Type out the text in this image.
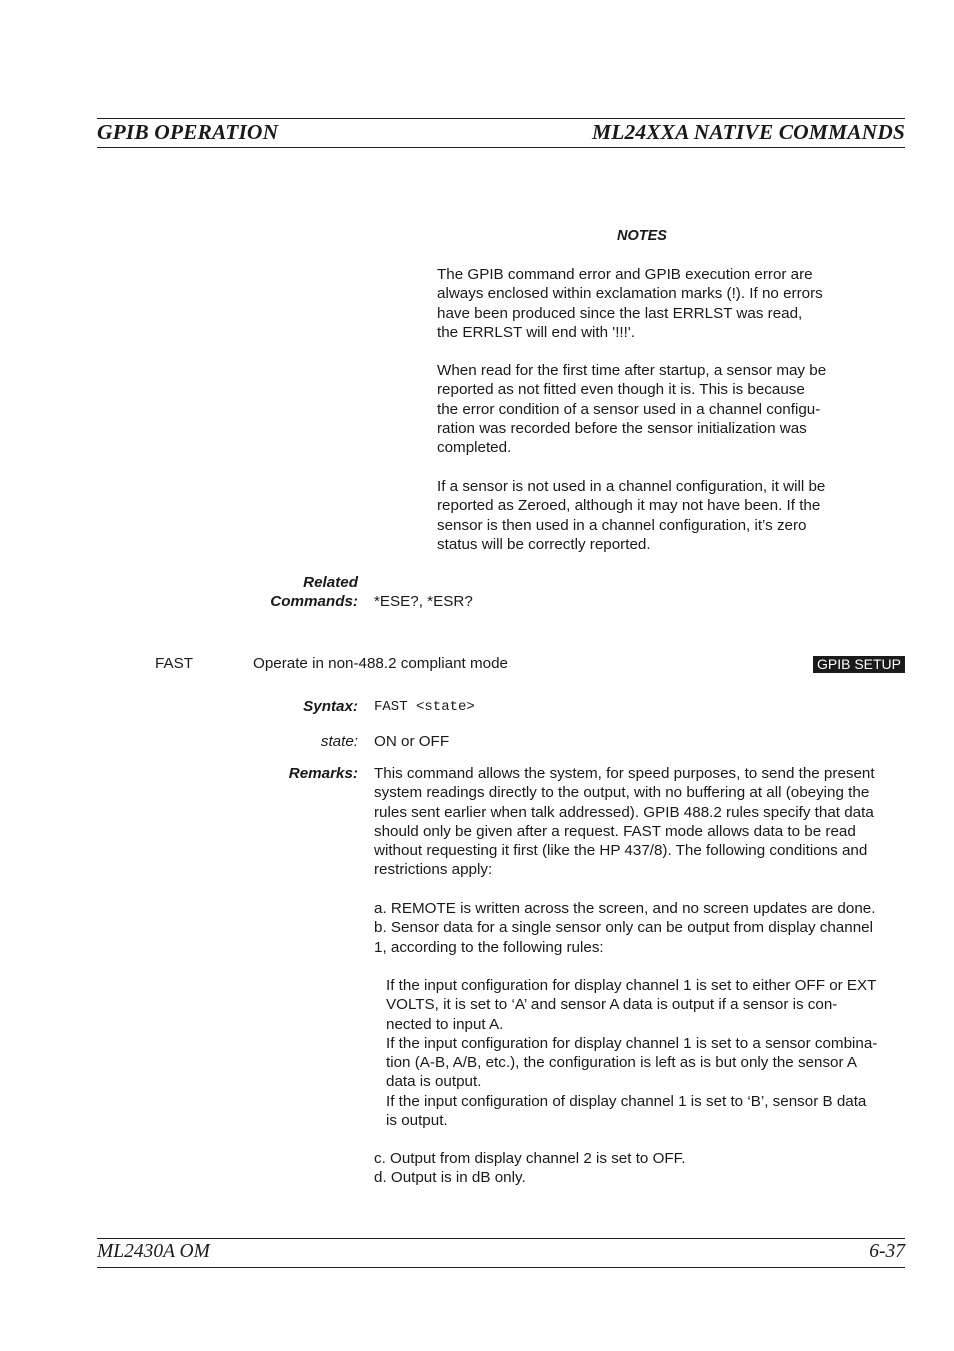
GPIB OPERATION	ML24XXA NATIVE COMMANDS
NOTES

The GPIB command error and GPIB execution error are
always enclosed within exclamation marks (!). If no errors
have been produced since the last ERRLST was read,
the ERRLST will end with '!!!'.

When read for the first time after startup, a sensor may be
reported as not fitted even though it is. This is because
the error condition of a sensor used in a channel configu-
ration was recorded before the sensor initialization was
completed.

If a sensor is not used in a channel configuration, it will be
reported as Zeroed, although it may not have been. If the
sensor is then used in a channel configuration, it’s zero
status will be correctly reported.

Related
Commands: *ESE?, *ESR?
FAST	Operate in non-488.2 compliant mode	GPIB SETUP
Syntax: FAST <state>
state: ON or OFF
Remarks: This command allows the system, for speed purposes, to send the present
system readings directly to the output, with no buffering at all (obeying the
rules sent earlier when talk addressed). GPIB 488.2 rules specify that data
should only be given after a request. FAST mode allows data to be read
without requesting it first (like the HP 437/8). The following conditions and
restrictions apply:

a. REMOTE is written across the screen, and no screen updates are done.
b. Sensor data for a single sensor only can be output from display channel
1, according to the following rules:

If the input configuration for display channel 1 is set to either OFF or EXT
VOLTS, it is set to ‘A’ and sensor A data is output if a sensor is con-
nected to input A.
If the input configuration for display channel 1 is set to a sensor combina-
tion (A-B, A/B, etc.), the configuration is left as is but only the sensor A
data is output.
If the input configuration of display channel 1 is set to ‘B’, sensor B data
is output.

c. Output from display channel 2 is set to OFF.
d. Output is in dB only.

ML2430A OM	6-37
